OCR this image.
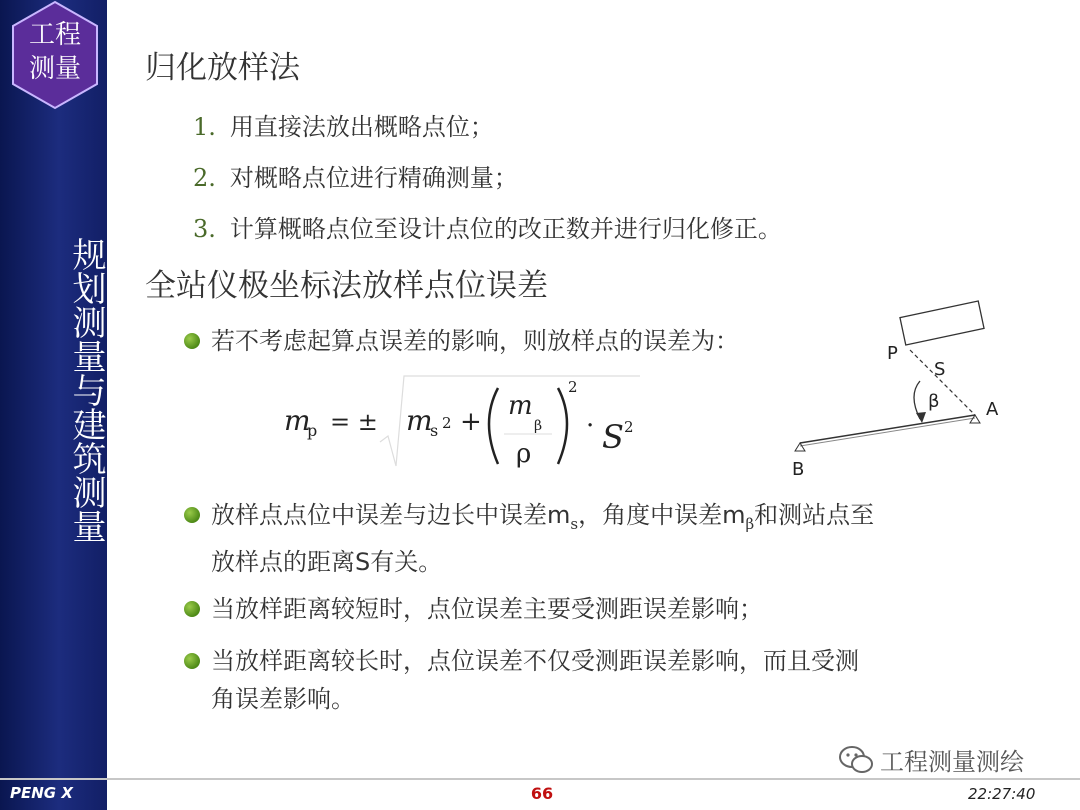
工程
测量
规划测量与建筑测量
PENG X
归化放样法
1. 用直接法放出概略点位；
2. 对概略点位进行精确测量；
3. 计算概略点位至设计点位的改正数并进行归化修正。
全站仪极坐标法放样点位误差
若不考虑起算点误差的影响，则放样点的误差为：
m
p = ± m
s 2 +
m
β
ρ
2
· S 2
P
S
β	A
B
放样点点位中误差与边长中误差$m_s$，角度中误差$m_\beta$和测站点至
放样点的距离S有关。
当放样距离较短时，点位误差主要受测距误差影响；
当放样距离较长时，点位误差不仅受测距误差影响，而且受测
角误差影响。
工程测量测绘
66	22:27:40
